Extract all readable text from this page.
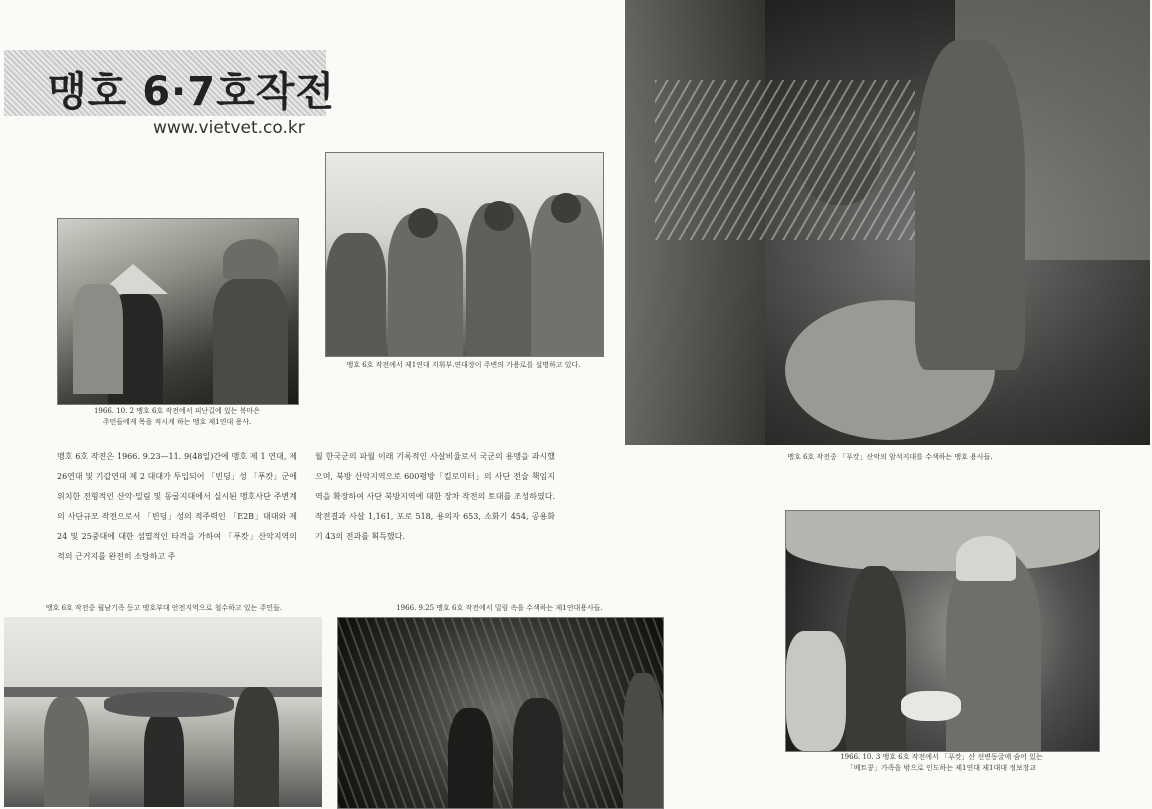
맹호 6·7호작전
www.vietvet.co.kr
1966. 10. 2 맹호 6호 작전에서 피난길에 있는 북마은
주민들에게 목을 적시게 하는 맹호 제1연대 용사.
맹호 6호 작전에서 제1연대 지휘부.연대장이 주변의 가용로를 설명하고 있다.
맹호 6호 작전중 「푸캇」산악의 암석지대를 수색하는 맹호 용사들.
맹호 6호 작전은 1966. 9.23—11. 9(48일)간에 맹호 제 1 연대, 제26연대 및 기갑연대 제 2 대대가 투입되어 「빈딩」성 「푸캇」군에 위치한 전형적인 산악·밀림 및 동굴지대에서 실시된 맹호사단 주변계의 사단규모 작전으로서 「빈딩」성의 적주력인 「E2B」대대와 제24 및 25중대에 대한 섬멸적인 타격을 가하여 「푸캇」산악지역의 적의 근거지를 완전히 소탕하고 주
월 한국군의 파월 이래 기록적인 사살비율로서 국군의 용맹을 과시했으며, 북방 산악지역으로 600평방「킬로미터」의 사단 전술 책임지역을 확장하여 사단 북방지역에 대한 장차 작전의 토대를 조성하였다. 작전결과 사살 1,161, 포로 518, 용의자 653, 소화기 454, 공용화기 43의 전과를 획득했다.
맹호 6호 작전중 월남기족 등고 맹호부대 안전지역으로 철수하고 있는 주민들.	1966. 9.25 맹호 6호 작전에서 밀림 속을 수색하는 제1연대용사들.
1966. 10. 3 맹호 6호 작전에서 「푸캇」산 선변동굴에 숨어 있는
「베트콩」가족을 밖으로 인도하는 제1연대 제1대대 정보장교
